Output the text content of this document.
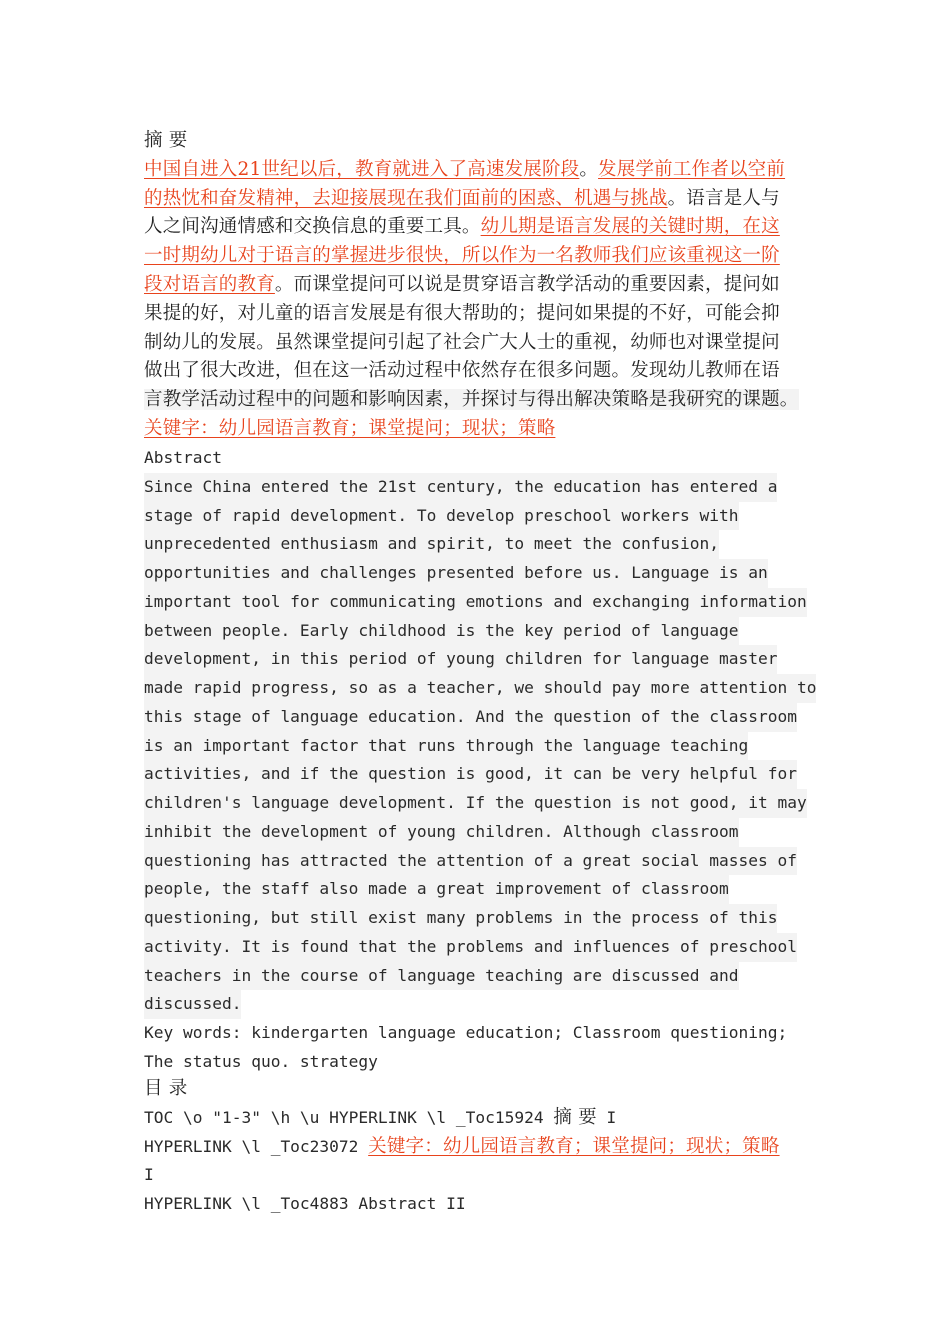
摘 要
中国自进入21世纪以后，教育就进入了高速发展阶段。发展学前工作者以空前
的热忱和奋发精神，去迎接展现在我们面前的困惑、机遇与挑战。语言是人与
人之间沟通情感和交换信息的重要工具。幼儿期是语言发展的关键时期，在这
一时期幼儿对于语言的掌握进步很快，所以作为一名教师我们应该重视这一阶
段对语言的教育。而课堂提问可以说是贯穿语言教学活动的重要因素，提问如
果提的好，对儿童的语言发展是有很大帮助的；提问如果提的不好，可能会抑
制幼儿的发展。虽然课堂提问引起了社会广大人士的重视，幼师也对课堂提问
做出了很大改进，但在这一活动过程中依然存在很多问题。发现幼儿教师在语
言教学活动过程中的问题和影响因素，并探讨与得出解决策略是我研究的课题。
关键字：幼儿园语言教育；课堂提问；现状；策略
Abstract
Since China entered the 21st century, the education has entered a
stage of rapid development. To develop preschool workers with
unprecedented enthusiasm and spirit, to meet the confusion,
opportunities and challenges presented before us. Language is an
important tool for communicating emotions and exchanging information
between people. Early childhood is the key period of language
development, in this period of young children for language master
made rapid progress, so as a teacher, we should pay more attention to
this stage of language education. And the question of the classroom
is an important factor that runs through the language teaching
activities, and if the question is good, it can be very helpful for
children's language development. If the question is not good, it may
inhibit the development of young children. Although classroom
questioning has attracted the attention of a great social masses of
people, the staff also made a great improvement of classroom
questioning, but still exist many problems in the process of this
activity. It is found that the problems and influences of preschool
teachers in the course of language teaching are discussed and
discussed.
Key words: kindergarten language education; Classroom questioning;
The status quo. strategy
目 录
TOC \o "1-3" \h \u HYPERLINK \l _Toc15924 摘 要 I
HYPERLINK \l _Toc23072 关键字：幼儿园语言教育；课堂提问；现状；策略
I
HYPERLINK \l _Toc4883 Abstract II
